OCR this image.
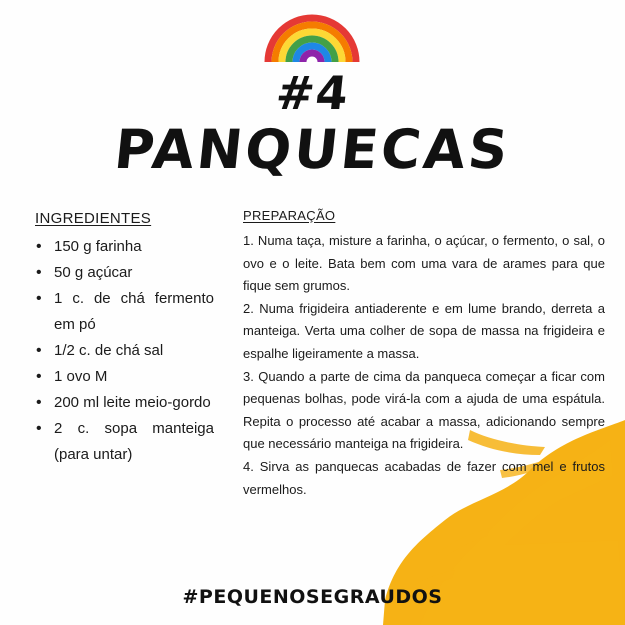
#4
PANQUECAS
INGREDIENTES
• 150 g farinha
• 50 g açúcar
• 1 c. de chá fermento em pó
• 1/2 c. de chá sal
• 1 ovo M
• 200 ml leite meio-gordo
• 2 c. sopa manteiga (para untar)
PREPARAÇÃO

1. Numa taça, misture a farinha, o açúcar, o fermento, o sal, o ovo e o leite. Bata bem com uma vara de arames para que fique sem grumos.

2. Numa frigideira antiaderente e em lume brando, derreta a manteiga. Verta uma colher de sopa de massa na frigideira e espalhe ligeiramente a massa.

3. Quando a parte de cima da panqueca começar a ficar com pequenas bolhas, pode virá-la com a ajuda de uma espátula. Repita o processo até acabar a massa, adicionando sempre que necessário manteiga na frigideira.

4. Sirva as panquecas acabadas de fazer com mel e frutos vermelhos.

#PEQUENOSEGRAUDOS
